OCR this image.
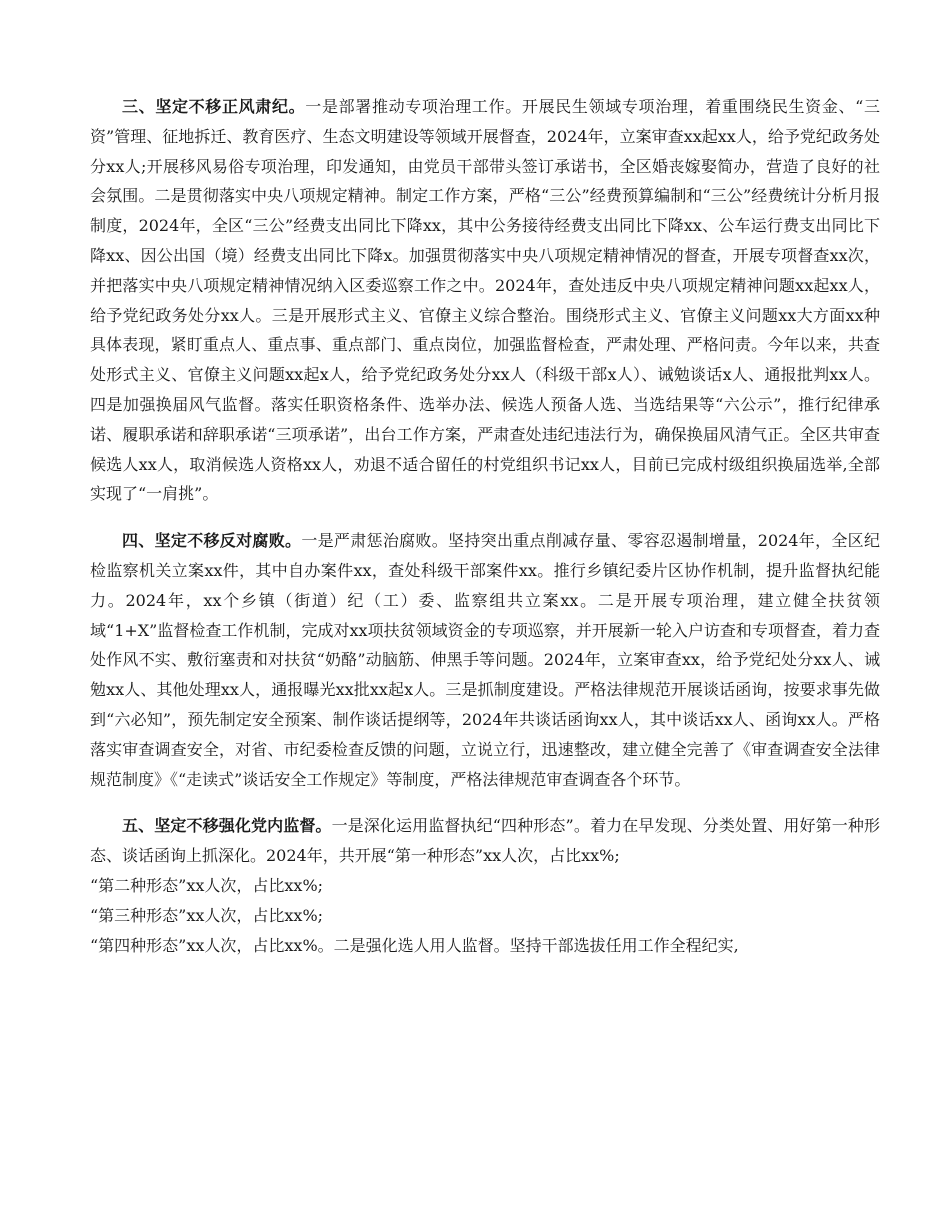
三、坚定不移正风肃纪。一是部署推动专项治理工作。开展民生领域专项治理，着重围绕民生资金、“三资”管理、征地拆迁、教育医疗、生态文明建设等领域开展督查，2024年，立案审查xx起xx人，给予党纪政务处分xx人;开展移风易俗专项治理，印发通知，由党员干部带头签订承诺书，全区婚丧嫁娶简办，营造了良好的社会氛围。二是贯彻落实中央八项规定精神。制定工作方案，严格“三公”经费预算编制和“三公”经费统计分析月报制度，2024年，全区“三公”经费支出同比下降xx，其中公务接待经费支出同比下降xx、公车运行费支出同比下降xx、因公出国（境）经费支出同比下降x。加强贯彻落实中央八项规定精神情况的督查，开展专项督查xx次，并把落实中央八项规定精神情况纳入区委巡察工作之中。2024年，查处违反中央八项规定精神问题xx起xx人，给予党纪政务处分xx人。三是开展形式主义、官僚主义综合整治。围绕形式主义、官僚主义问题xx大方面xx种具体表现，紧盯重点人、重点事、重点部门、重点岗位，加强监督检查，严肃处理、严格问责。今年以来，共查处形式主义、官僚主义问题xx起x人，给予党纪政务处分xx人（科级干部x人）、诫勉谈话x人、通报批判xx人。四是加强换届风气监督。落实任职资格条件、选举办法、候选人预备人选、当选结果等“六公示”，推行纪律承诺、履职承诺和辞职承诺“三项承诺”，出台工作方案，严肃查处违纪违法行为，确保换届风清气正。全区共审查候选人xx人，取消候选人资格xx人，劝退不适合留任的村党组织书记xx人，目前已完成村级组织换届选举,全部实现了“一肩挑”。

四、坚定不移反对腐败。一是严肃惩治腐败。坚持突出重点削减存量、零容忍遏制增量，2024年，全区纪检监察机关立案xx件，其中自办案件xx，查处科级干部案件xx。推行乡镇纪委片区协作机制，提升监督执纪能力。2024年，xx个乡镇（街道）纪（工）委、监察组共立案xx。二是开展专项治理，建立健全扶贫领域“1+X”监督检查工作机制，完成对xx项扶贫领域资金的专项巡察，并开展新一轮入户访查和专项督查，着力查处作风不实、敷衍塞责和对扶贫“奶酪”动脑筋、伸黑手等问题。2024年，立案审查xx，给予党纪处分xx人、诫勉xx人、其他处理xx人，通报曝光xx批xx起x人。三是抓制度建设。严格法律规范开展谈话函询，按要求事先做到“六必知”，预先制定安全预案、制作谈话提纲等，2024年共谈话函询xx人，其中谈话xx人、函询xx人。严格落实审查调查安全，对省、市纪委检查反馈的问题，立说立行，迅速整改，建立健全完善了《审查调查安全法律规范制度》《“走读式”谈话安全工作规定》等制度，严格法律规范审查调查各个环节。

五、坚定不移强化党内监督。一是深化运用监督执纪“四种形态”。着力在早发现、分类处置、用好第一种形态、谈话函询上抓深化。2024年，共开展“第一种形态”xx人次，占比xx%;

“第二种形态”xx人次，占比xx%;

“第三种形态”xx人次，占比xx%;

“第四种形态”xx人次，占比xx%。二是强化选人用人监督。坚持干部选拔任用工作全程纪实,
